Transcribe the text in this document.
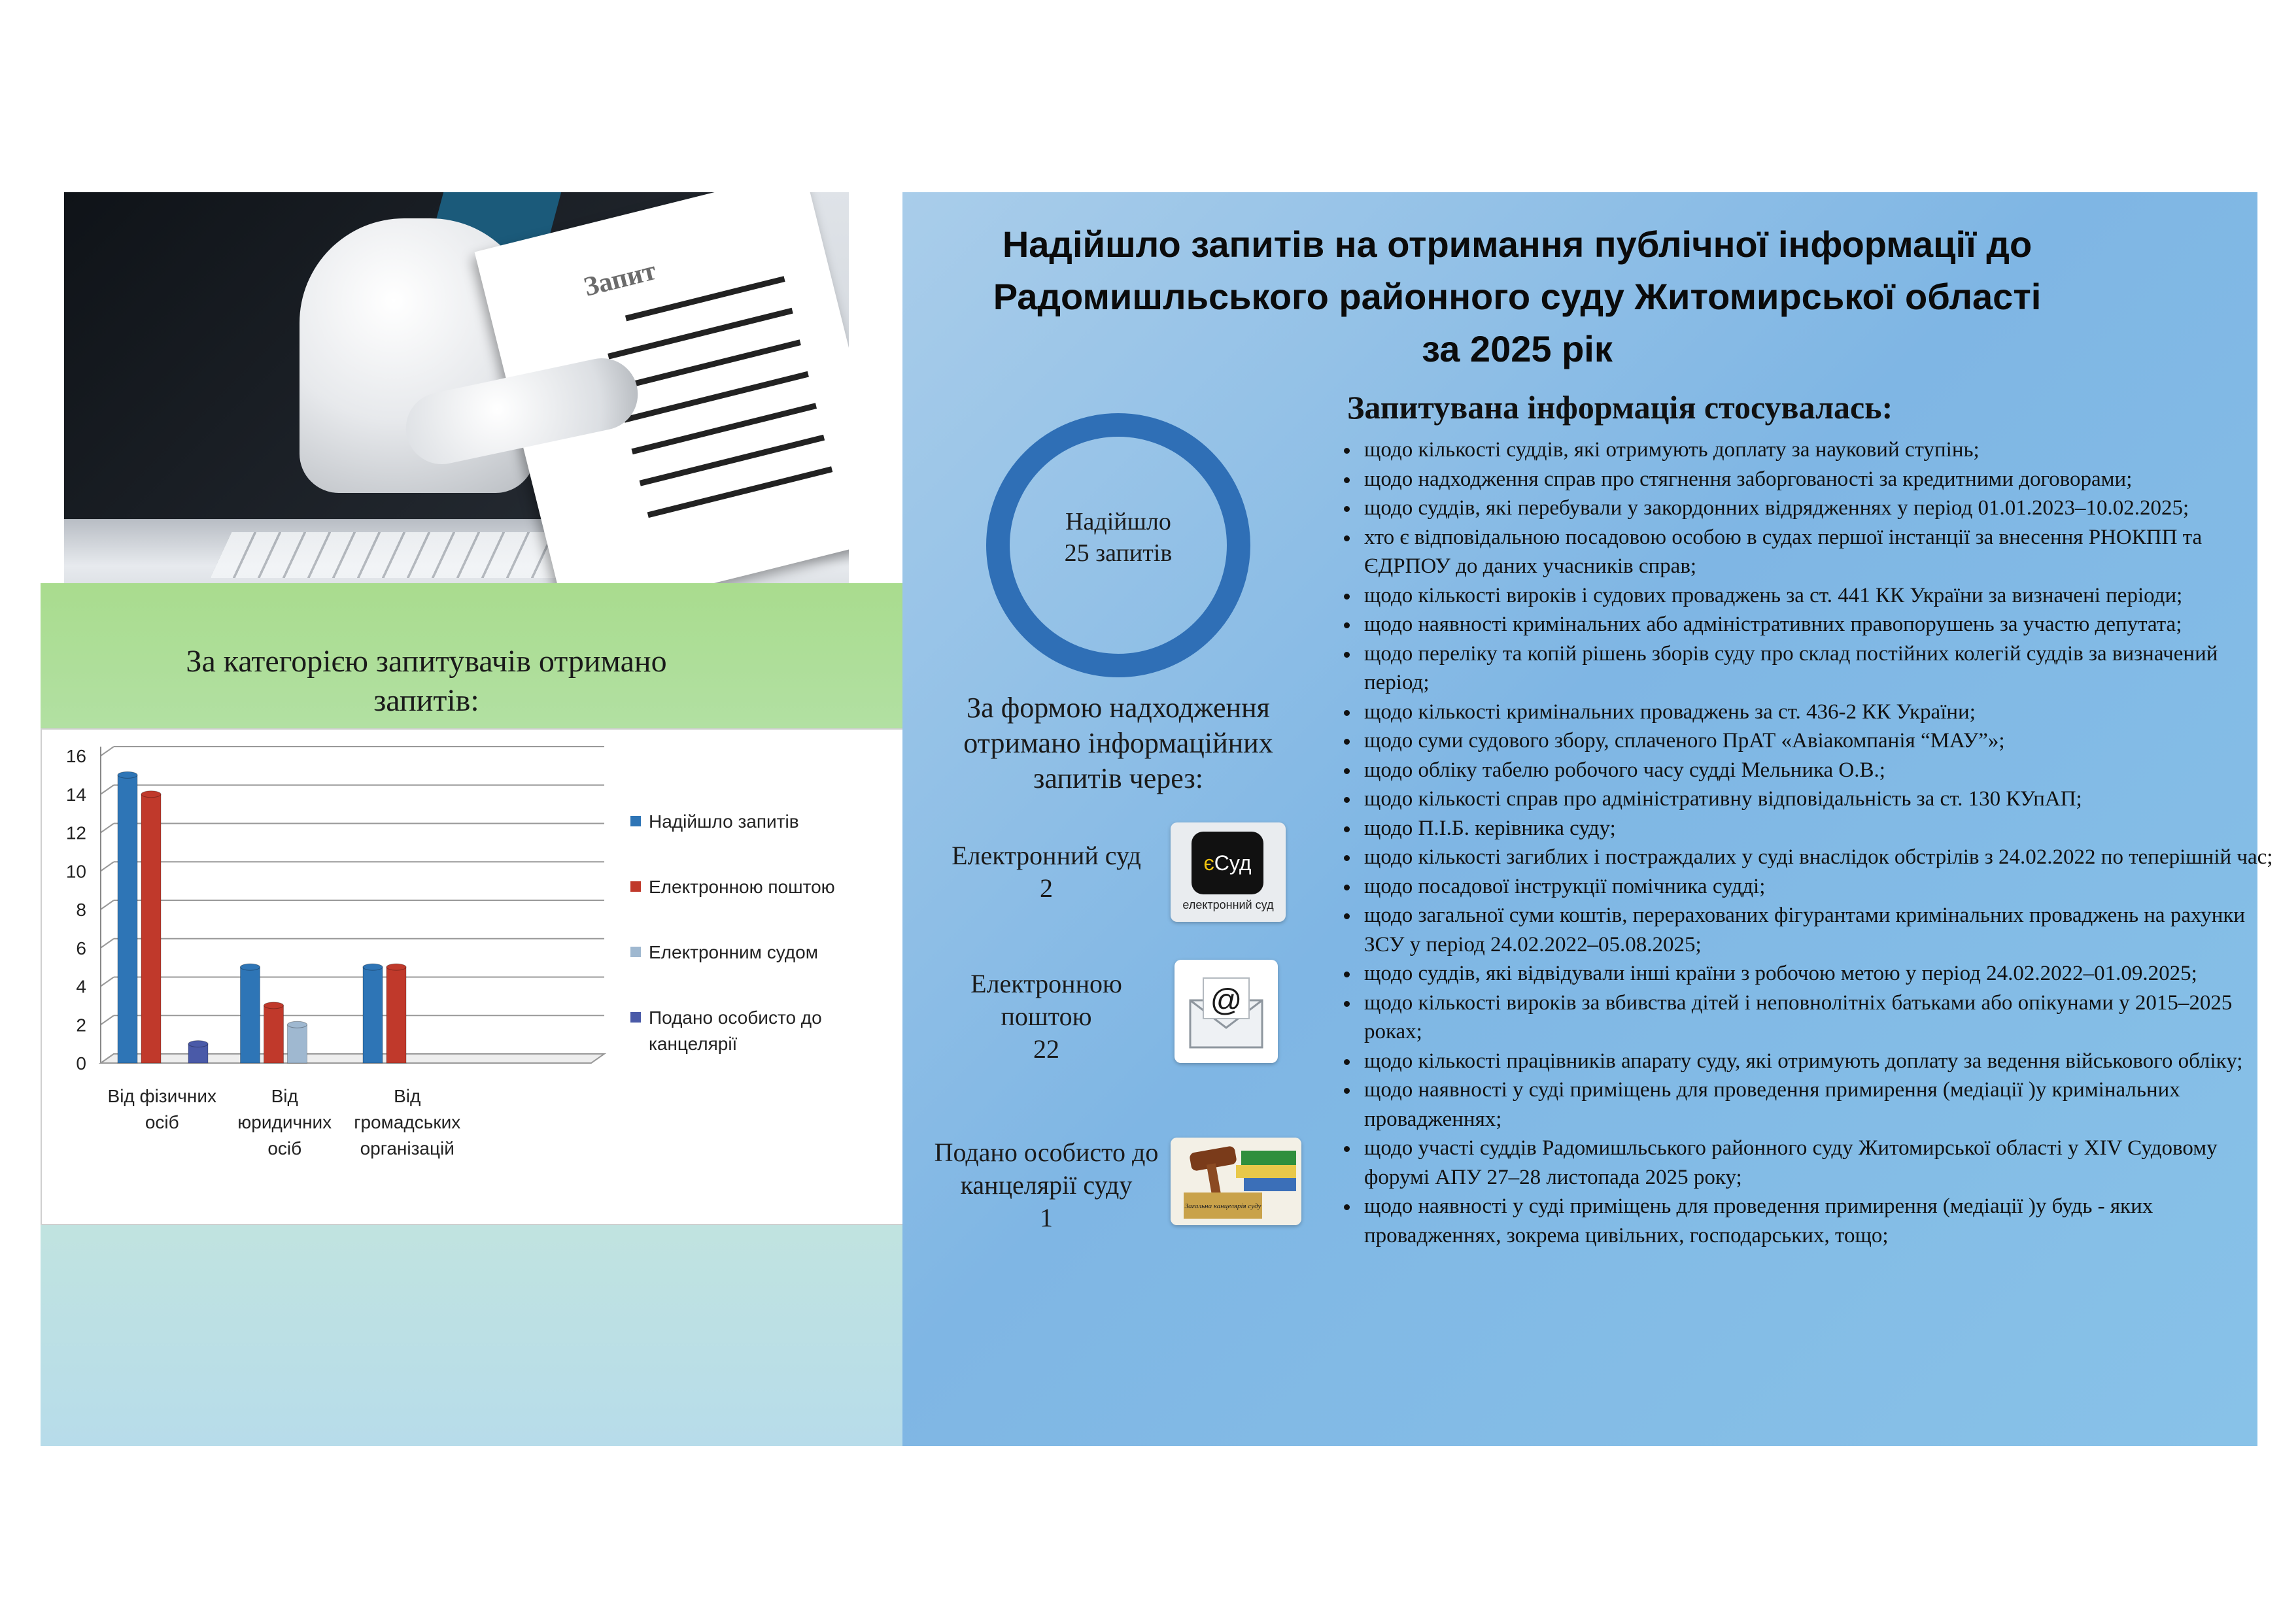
Запит
За категорією запитувачів отримано
запитів:
0
2
4
6
8
10
12
14
16
Від фізичних
осіб
Від
юридичних
осіб
Від
громадських
організацій
Надійшло запитів
Електронною поштою
Електронним судом
Подано особисто до
канцелярії
Надійшло запитів на отримання публічної інформації до
Радомишльського районного суду Житомирської області
за 2025 рік
Надійшло
25 запитів
За формою надходження
отримано інформаційних
запитів через:
Електронний суд
2
є Суд
електронний суд
Електронною
поштою
22
@
Подано особисто до
канцелярії суду
1	Загальна канцелярія суду
Запитувана інформація стосувалась:
• щодо кількості суддів, які отримують доплату за науковий ступінь;
• щодо надходження справ про стягнення заборгованості за кредитними договорами;
• щодо суддів, які перебували у закордонних відрядженнях у період 01.01.2023–10.02.2025;
• хто є відповідальною посадовою особою в судах першої інстанції за внесення РНОКПП та ЄДРПОУ до даних учасників справ;
• щодо кількості вироків і судових проваджень за ст. 441 КК України за визначені періоди;
• щодо наявності кримінальних або адміністративних правопорушень за участю депутата;
• щодо переліку та копій рішень зборів суду про склад постійних колегій суддів за визначений період;
• щодо кількості кримінальних проваджень за ст. 436-2 КК України;
• щодо суми судового збору, сплаченого ПрАТ «Авіакомпанія “МАУ”»;
• щодо обліку табелю робочого часу судді Мельника О.В.;
• щодо кількості справ про адміністративну відповідальність за ст. 130 КУпАП;
• щодо П.І.Б. керівника суду;
• щодо кількості загиблих і постраждалих у суді внаслідок обстрілів з 24.02.2022 по теперішній час;
• щодо посадової інструкції помічника судді;
• щодо загальної суми коштів, перерахованих фігурантами кримінальних проваджень на рахунки ЗСУ у період 24.02.2022–05.08.2025;
• щодо суддів, які відвідували інші країни з робочою метою у період 24.02.2022–01.09.2025;
• щодо кількості вироків за вбивства дітей і неповнолітніх батьками або опікунами у 2015–2025 роках;
• щодо кількості працівників апарату суду, які отримують доплату за ведення військового обліку;
• щодо наявності у суді приміщень для проведення примирення (медіації )у кримінальних провадженнях;
• щодо участі суддів Радомишльського районного суду Житомирської області у XIV Судовому форумі АПУ 27–28 листопада 2025 року;
• щодо наявності у суді приміщень для проведення примирення (медіації )у будь - яких провадженнях, зокрема цивільних, господарських, тощо;
